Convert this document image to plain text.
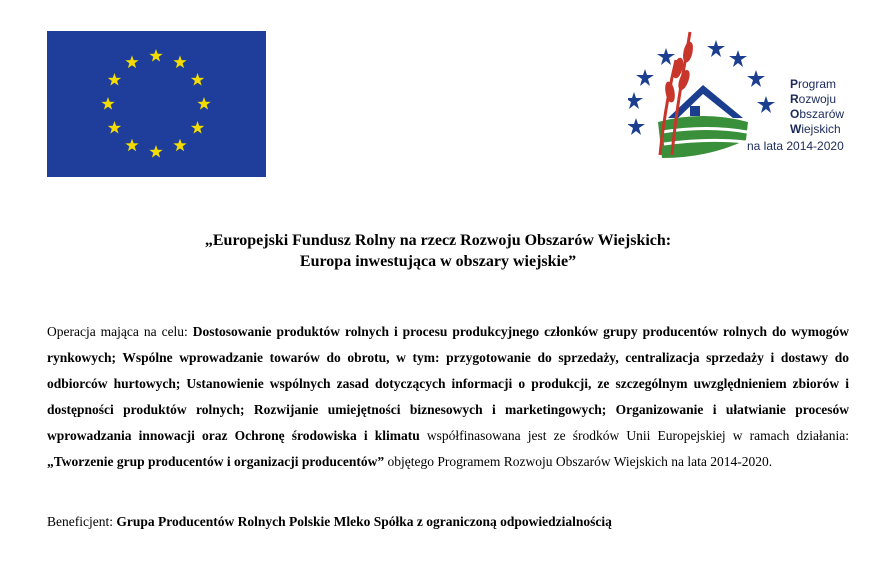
Program
Rozwoju
Obszarów
Wiejskich
na lata 2014-2020
„Europejski Fundusz Rolny na rzecz Rozwoju Obszarów Wiejskich:
Europa inwestująca w obszary wiejskie”
Operacja mająca na celu: Dostosowanie produktów rolnych i procesu produkcyjnego członków grupy producentów rolnych do wymogów rynkowych; Wspólne wprowadzanie towarów do obrotu, w tym: przygotowanie do sprzedaży, centralizacja sprzedaży i dostawy do odbiorców hurtowych; Ustanowienie wspólnych zasad dotyczących informacji o produkcji, ze szczególnym uwzględnieniem zbiorów i dostępności produktów rolnych; Rozwijanie umiejętności biznesowych i marketingowych; Organizowanie i ułatwianie procesów wprowadzania innowacji oraz Ochronę środowiska i klimatu współfinasowana jest ze środków Unii Europejskiej w ramach działania: „Tworzenie grup producentów i organizacji producentów” objętego Programem Rozwoju Obszarów Wiejskich na lata 2014-2020.
Beneficjent: Grupa Producentów Rolnych Polskie Mleko Spółka z ograniczoną odpowiedzialnością
